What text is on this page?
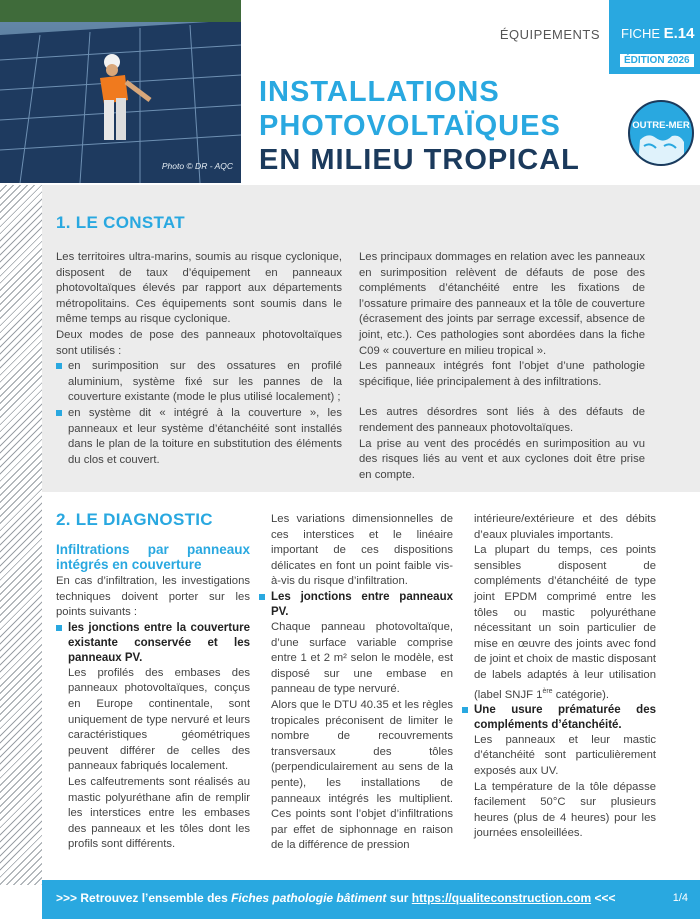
Photo © DR - AQC
ÉQUIPEMENTS FICHE E.14
ÉDITION 2026
INSTALLATIONS
PHOTOVOLTAÏQUES
EN MILIEU TROPICAL
OUTRE-MER
1. LE CONSTAT

Les territoires ultra-marins, soumis au risque cyclonique, disposent de taux d’équipement en panneaux photovoltaïques élevés par rapport aux départements métropolitains. Ces équipements sont soumis dans le même temps au risque cyclonique.

Deux modes de pose des panneaux photovoltaïques sont utilisés :

en surimposition sur des ossatures en profilé aluminium, système fixé sur les pannes de la couverture existante (mode le plus utilisé localement) ;
en système dit « intégré à la couverture », les panneaux et leur système d’étanchéité sont installés dans le plan de la toiture en substitution des éléments du clos et couvert.

Les principaux dommages en relation avec les panneaux en surimposition relèvent de défauts de pose des compléments d’étanchéité entre les fixations de l’ossature primaire des panneaux et la tôle de couverture (écrasement des joints par serrage excessif, absence de joint, etc.). Ces pathologies sont abordées dans la fiche C09 « couverture en milieu tropical ».

Les panneaux intégrés font l’objet d’une pathologie spécifique, liée principalement à des infiltrations.

Les autres désordres sont liés à des défauts de rendement des panneaux photovoltaïques.

La prise au vent des procédés en surimposition au vu des risques liés au vent et aux cyclones doit être prise en compte.

2. LE DIAGNOSTIC
Infiltrations par panneaux intégrés en couverture

En cas d’infiltration, les investigations techniques doivent porter sur les points suivants :

les jonctions entre la couverture existante conservée et les panneaux PV.

Les profilés des embases des panneaux photovoltaïques, conçus en Europe continentale, sont uniquement de type nervuré et leurs caractéristiques géométriques peuvent différer de celles des panneaux fabriqués localement.

Les calfeutrements sont réalisés au mastic polyuréthane afin de remplir les interstices entre les embases des panneaux et les tôles dont les profils sont différents.

Les variations dimensionnelles de ces interstices et le linéaire important de ces dispositions délicates en font un point faible vis-à-vis du risque d’infiltration.

Les jonctions entre panneaux PV.

Chaque panneau photovoltaïque, d’une surface variable comprise entre 1 et 2 m² selon le modèle, est disposé sur une embase en panneau de type nervuré.

Alors que le DTU 40.35 et les règles tropicales préconisent de limiter le nombre de recouvrements transversaux des tôles (perpendiculairement au sens de la pente), les installations de panneaux intégrés les multiplient. Ces points sont l’objet d’infiltrations par effet de siphonnage en raison de la différence de pression

intérieure/extérieure et des débits d’eaux pluviales importants.

La plupart du temps, ces points sensibles disposent de compléments d’étanchéité de type joint EPDM comprimé entre les tôles ou mastic polyuréthane nécessitant un soin particulier de mise en œuvre des joints avec fond de joint et choix de mastic disposant de labels adaptés à leur utilisation (label SNJF 1ère catégorie).

Une usure prématurée des compléments d’étanchéité.

Les panneaux et leur mastic d’étanchéité sont particulièrement exposés aux UV.

La température de la tôle dépasse facilement 50°C sur plusieurs heures (plus de 4 heures) pour les journées ensoleillées.

>>> Retrouvez l’ensemble des Fiches pathologie bâtiment sur https://qualiteconstruction.com <<<	1/4
